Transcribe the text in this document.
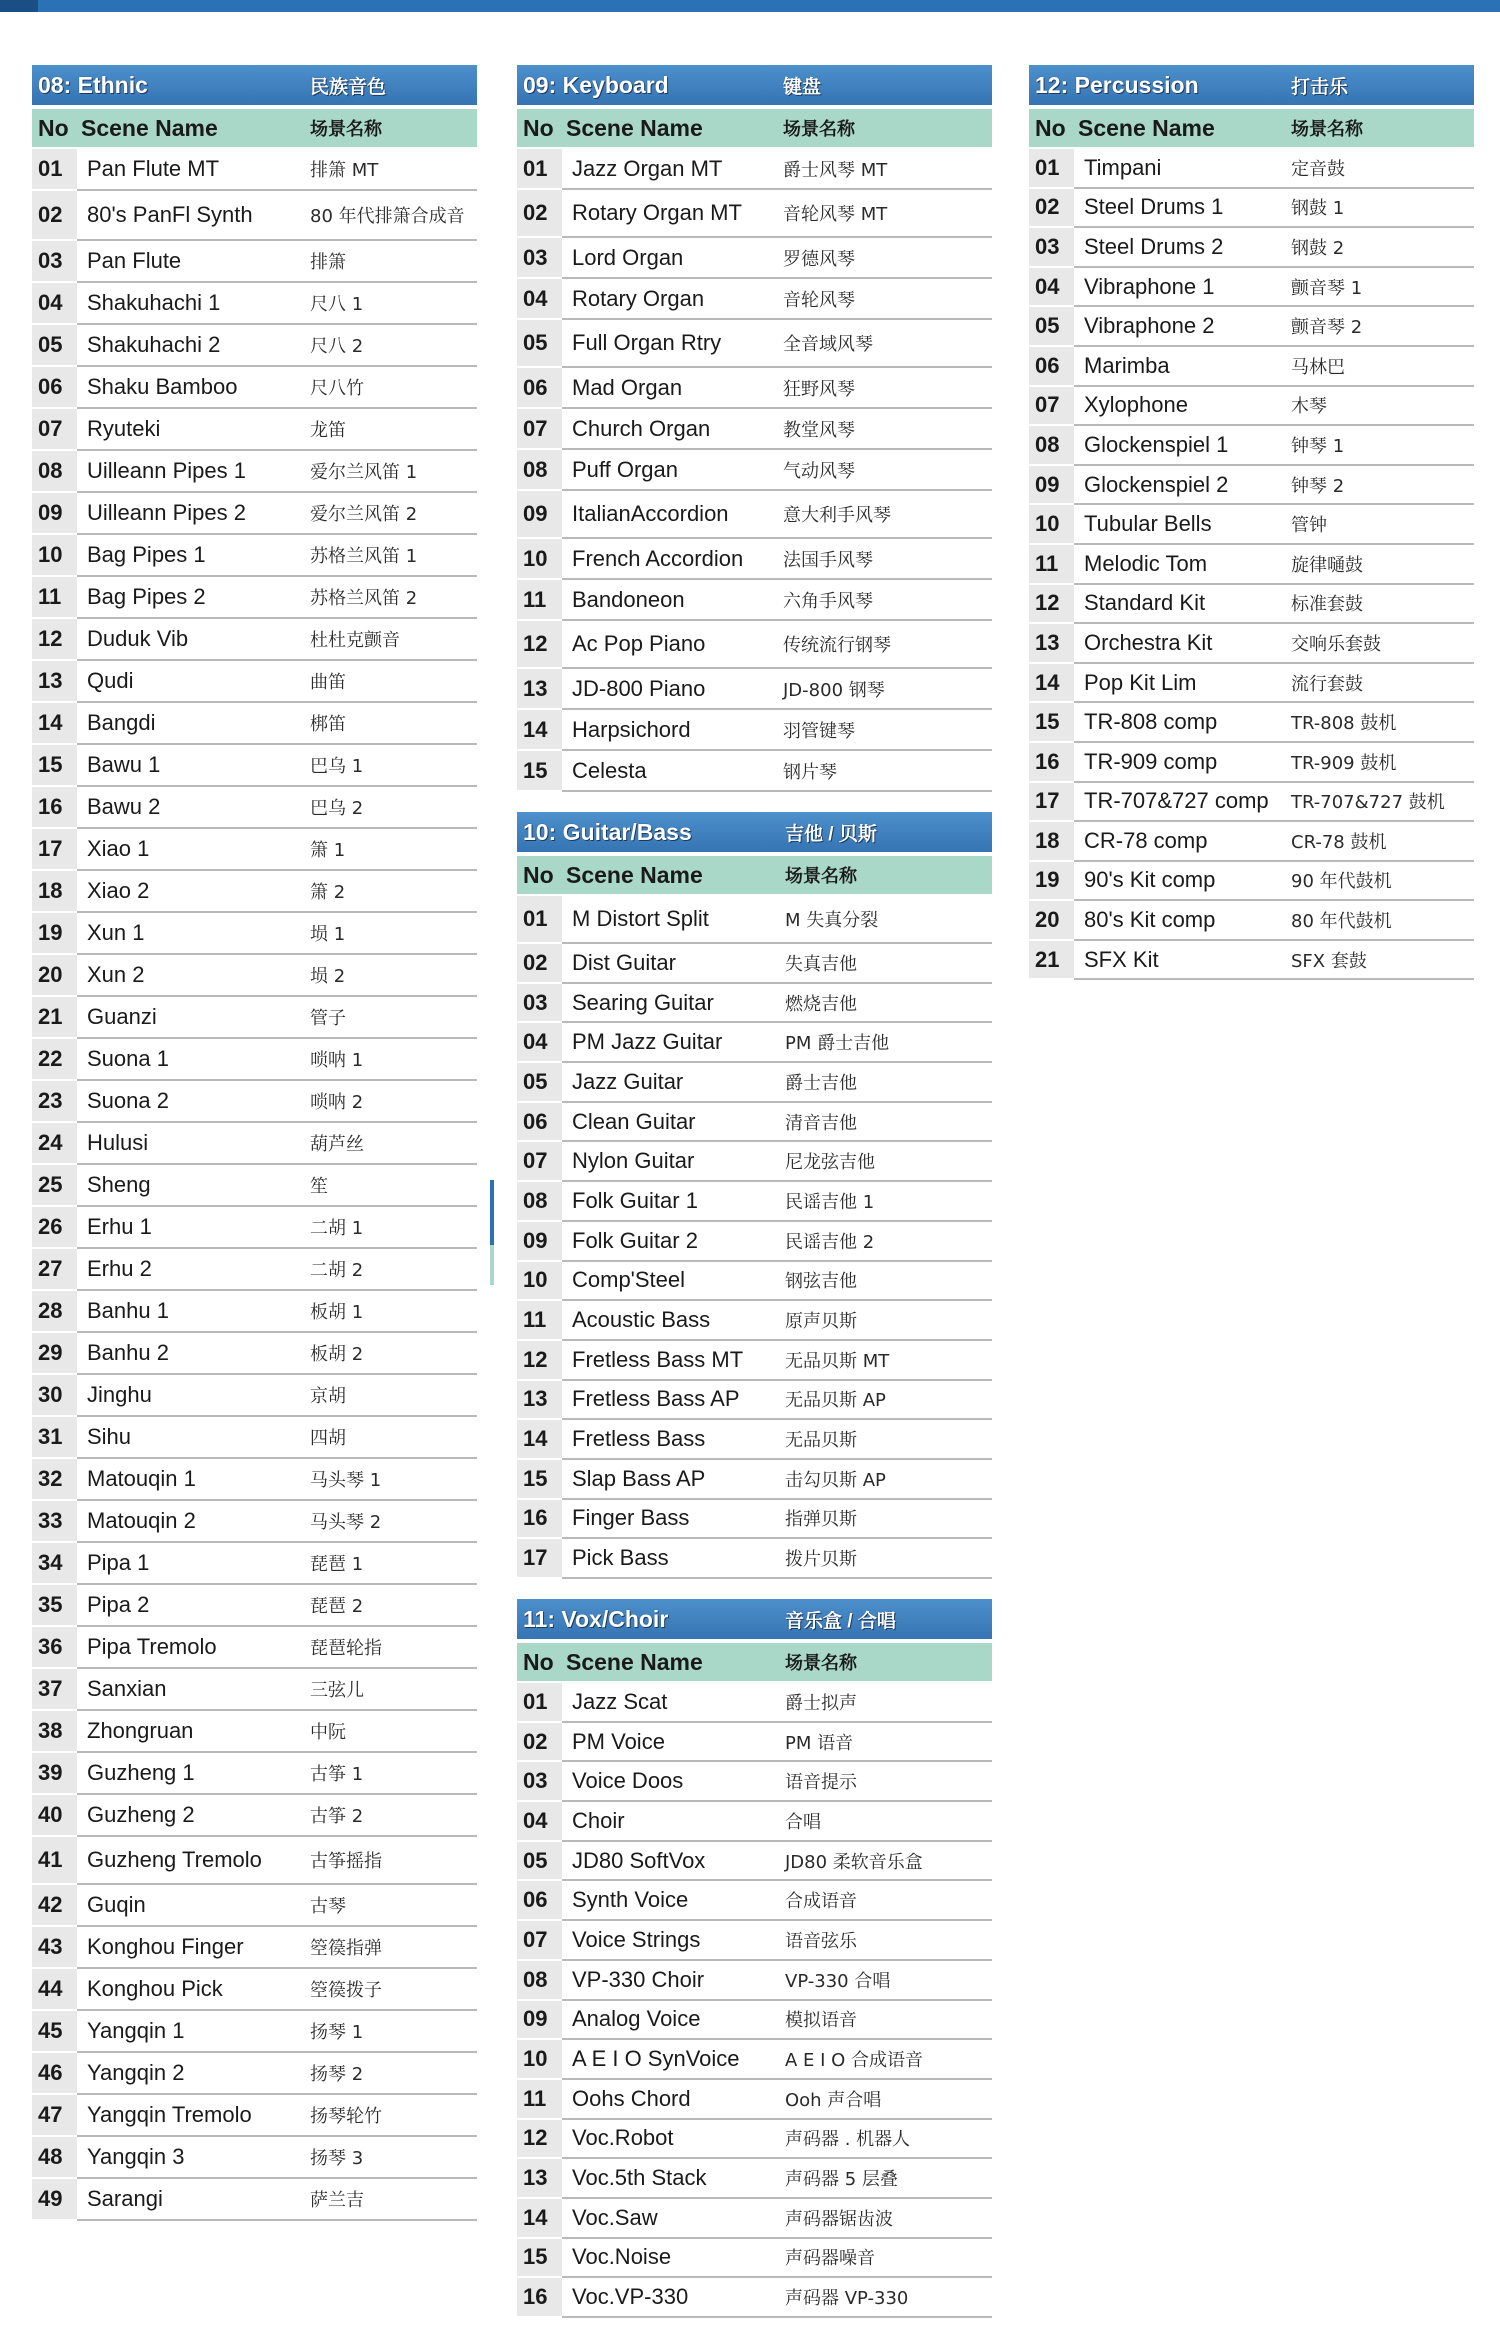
08: Ethnic	民族音色
No Scene Name	场景名称
01	Pan Flute MT	排箫 MT
02	80's PanFl Synth	80 年代排箫合成音
03	Pan Flute	排箫
04	Shakuhachi 1	尺八 1
05	Shakuhachi 2	尺八 2
06	Shaku Bamboo	尺八竹
07	Ryuteki	龙笛
08	Uilleann Pipes 1	爱尔兰风笛 1
09	Uilleann Pipes 2	爱尔兰风笛 2
10	Bag Pipes 1	苏格兰风笛 1
11	Bag Pipes 2	苏格兰风笛 2
12	Duduk Vib	杜杜克颤音
13	Qudi	曲笛
14	Bangdi	梆笛
15	Bawu 1	巴乌 1
16	Bawu 2	巴乌 2
17	Xiao 1	箫 1
18	Xiao 2	箫 2
19	Xun 1	埙 1
20	Xun 2	埙 2
21	Guanzi	管子
22	Suona 1	唢呐 1
23	Suona 2	唢呐 2
24	Hulusi	葫芦丝
25	Sheng	笙
26	Erhu 1	二胡 1
27	Erhu 2	二胡 2
28	Banhu 1	板胡 1
29	Banhu 2	板胡 2
30	Jinghu	京胡
31	Sihu	四胡
32	Matouqin 1	马头琴 1
33	Matouqin 2	马头琴 2
34	Pipa 1	琵琶 1
35	Pipa 2	琵琶 2
36	Pipa Tremolo	琵琶轮指
37	Sanxian	三弦儿
38	Zhongruan	中阮
39	Guzheng 1	古筝 1
40	Guzheng 2	古筝 2
41	Guzheng Tremolo	古筝摇指
42	Guqin	古琴
43	Konghou Finger	箜篌指弹
44	Konghou Pick	箜篌拨子
45	Yangqin 1	扬琴 1
46	Yangqin 2	扬琴 2
47	Yangqin Tremolo	扬琴轮竹
48	Yangqin 3	扬琴 3
49	Sarangi	萨兰吉
09: Keyboard	键盘
No Scene Name	场景名称
01	Jazz Organ MT	爵士风琴 MT
02	Rotary Organ MT	音轮风琴 MT
03	Lord Organ	罗德风琴
04	Rotary Organ	音轮风琴
05	Full Organ Rtry	全音域风琴
06	Mad Organ	狂野风琴
07	Church Organ	教堂风琴
08	Puff Organ	气动风琴
09	ItalianAccordion	意大利手风琴
10	French Accordion	法国手风琴
11	Bandoneon	六角手风琴
12	Ac Pop Piano	传统流行钢琴
13	JD-800 Piano	JD-800 钢琴
14	Harpsichord	羽管键琴
15	Celesta	钢片琴
10: Guitar/Bass	吉他 / 贝斯
No Scene Name	场景名称
01	M Distort Split	M 失真分裂
02	Dist Guitar	失真吉他
03	Searing Guitar	燃烧吉他
04	PM Jazz Guitar	PM 爵士吉他
05	Jazz Guitar	爵士吉他
06	Clean Guitar	清音吉他
07	Nylon Guitar	尼龙弦吉他
08	Folk Guitar 1	民谣吉他 1
09	Folk Guitar 2	民谣吉他 2
10	Comp'Steel	钢弦吉他
11	Acoustic Bass	原声贝斯
12	Fretless Bass MT	无品贝斯 MT
13	Fretless Bass AP	无品贝斯 AP
14	Fretless Bass	无品贝斯
15	Slap Bass AP	击勾贝斯 AP
16	Finger Bass	指弹贝斯
17	Pick Bass	拨片贝斯
11: Vox/Choir	音乐盒 / 合唱
No Scene Name	场景名称
01	Jazz Scat	爵士拟声
02	PM Voice	PM 语音
03	Voice Doos	语音提示
04	Choir	合唱
05	JD80 SoftVox	JD80 柔软音乐盒
06	Synth Voice	合成语音
07	Voice Strings	语音弦乐
08	VP-330 Choir	VP-330 合唱
09	Analog Voice	模拟语音
10	A E I O SynVoice	A E I O 合成语音
11	Oohs Chord	Ooh 声合唱
12	Voc.Robot	声码器 . 机器人
13	Voc.5th Stack	声码器 5 层叠
14	Voc.Saw	声码器锯齿波
15	Voc.Noise	声码器噪音
16	Voc.VP-330	声码器 VP-330
12: Percussion	打击乐
No Scene Name	场景名称
01	Timpani	定音鼓
02	Steel Drums 1	钢鼓 1
03	Steel Drums 2	钢鼓 2
04	Vibraphone 1	颤音琴 1
05	Vibraphone 2	颤音琴 2
06	Marimba	马林巴
07	Xylophone	木琴
08	Glockenspiel 1	钟琴 1
09	Glockenspiel 2	钟琴 2
10	Tubular Bells	管钟
11	Melodic Tom	旋律嗵鼓
12	Standard Kit	标准套鼓
13	Orchestra Kit	交响乐套鼓
14	Pop Kit Lim	流行套鼓
15	TR-808 comp	TR-808 鼓机
16	TR-909 comp	TR-909 鼓机
17	TR-707&727 comp	TR-707&727 鼓机
18	CR-78 comp	CR-78 鼓机
19	90's Kit comp	90 年代鼓机
20	80's Kit comp	80 年代鼓机
21	SFX Kit	SFX 套鼓
